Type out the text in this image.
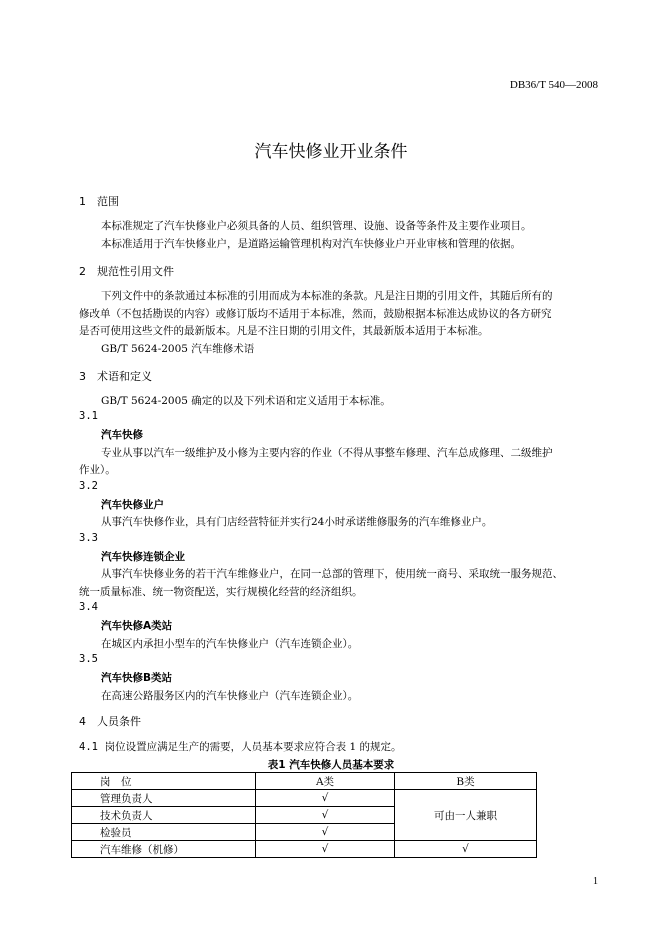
DB36/T 540—2008
汽车快修业开业条件
1 范围
本标准规定了汽车快修业户必须具备的人员、组织管理、设施、设备等条件及主要作业项目。
本标准适用于汽车快修业户，是道路运输管理机构对汽车快修业户开业审核和管理的依据。
2 规范性引用文件
下列文件中的条款通过本标准的引用而成为本标准的条款。凡是注日期的引用文件，其随后所有的
修改单（不包括勘误的内容）或修订版均不适用于本标准，然而，鼓励根据本标准达成协议的各方研究
是否可使用这些文件的最新版本。凡是不注日期的引用文件，其最新版本适用于本标准。
GB/T 5624-2005 汽车维修术语
3 术语和定义
GB/T 5624-2005 确定的以及下列术语和定义适用于本标准。
3.1
汽车快修
专业从事以汽车一级维护及小修为主要内容的作业（不得从事整车修理、汽车总成修理、二级维护
作业）。
3.2
汽车快修业户
从事汽车快修作业，具有门店经营特征并实行24小时承诺维修服务的汽车维修业户。
3.3
汽车快修连锁企业
从事汽车快修业务的若干汽车维修业户，在同一总部的管理下，使用统一商号、采取统一服务规范、
统一质量标准、统一物资配送，实行规模化经营的经济组织。
3.4
汽车快修A类站
在城区内承担小型车的汽车快修业户（汽车连锁企业）。
3.5
汽车快修B类站
在高速公路服务区内的汽车快修业户（汽车连锁企业）。
4 人员条件
4.1 岗位设置应满足生产的需要，人员基本要求应符合表 1 的规定。
表1 汽车快修人员基本要求
岗　位	A类	B类
管理负责人	√	可由一人兼职
技术负责人	√	
检验员	√	
汽车维修（机修）	√	√
1
